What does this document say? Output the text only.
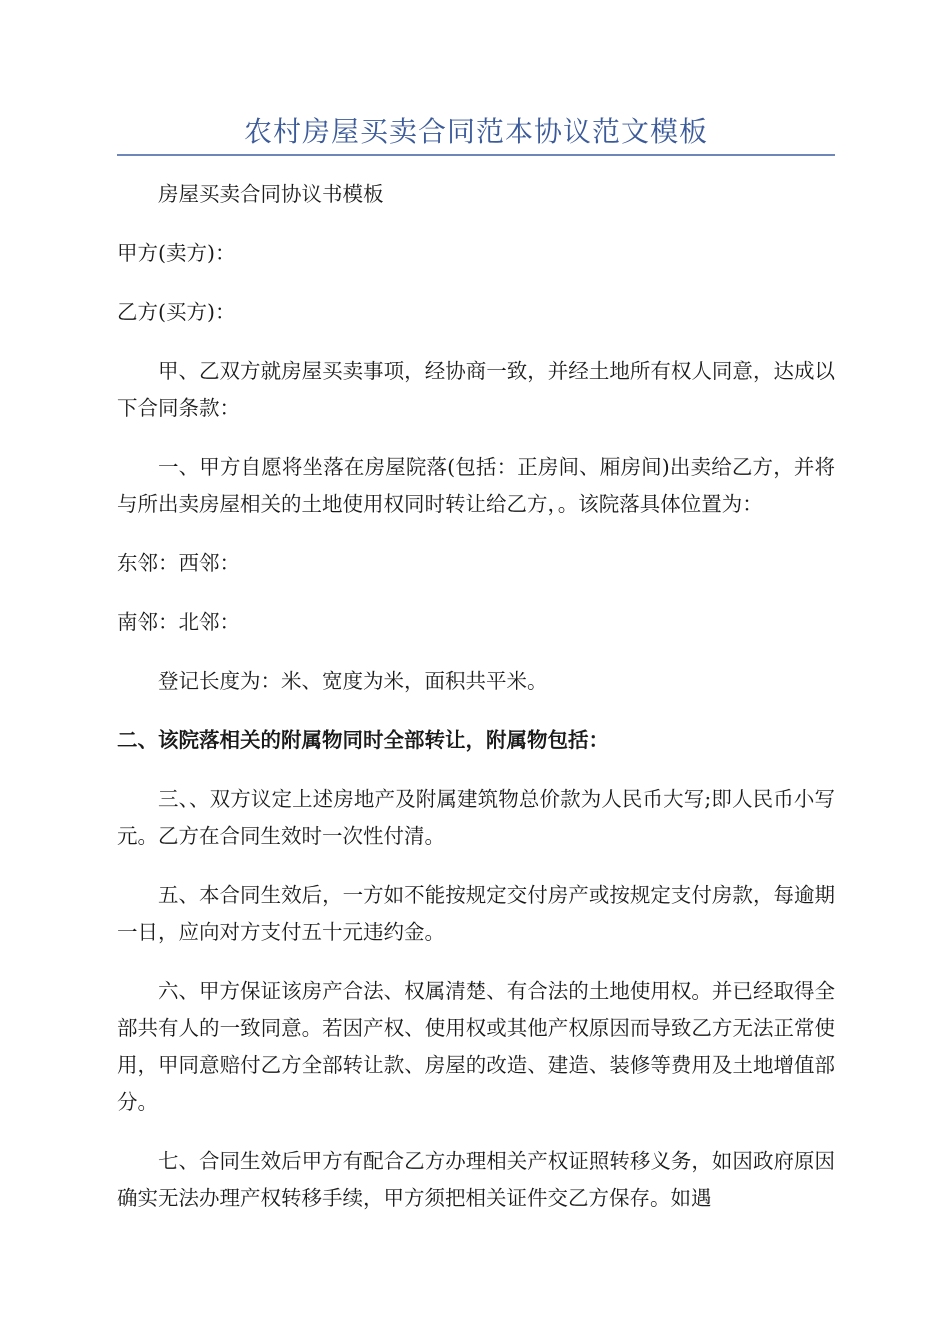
农村房屋买卖合同范本协议范文模板

房屋买卖合同协议书模板

甲方(卖方)：

乙方(买方)：

甲、乙双方就房屋买卖事项，经协商一致，并经土地所有权人同意，达成以下合同条款：

一、甲方自愿将坐落在房屋院落(包括：正房间、厢房间)出卖给乙方，并将与所出卖房屋相关的土地使用权同时转让给乙方，。该院落具体位置为：

东邻：西邻：

南邻：北邻：

登记长度为：米、宽度为米，面积共平米。

二、该院落相关的附属物同时全部转让，附属物包括：

三、、双方议定上述房地产及附属建筑物总价款为人民币大写;即人民币小写元。乙方在合同生效时一次性付清。

五、本合同生效后，一方如不能按规定交付房产或按规定支付房款，每逾期一日，应向对方支付五十元违约金。

六、甲方保证该房产合法、权属清楚、有合法的土地使用权。并已经取得全部共有人的一致同意。若因产权、使用权或其他产权原因而导致乙方无法正常使用，甲同意赔付乙方全部转让款、房屋的改造、建造、装修等费用及土地增值部分。

七、合同生效后甲方有配合乙方办理相关产权证照转移义务，如因政府原因确实无法办理产权转移手续，甲方须把相关证件交乙方保存。如遇
